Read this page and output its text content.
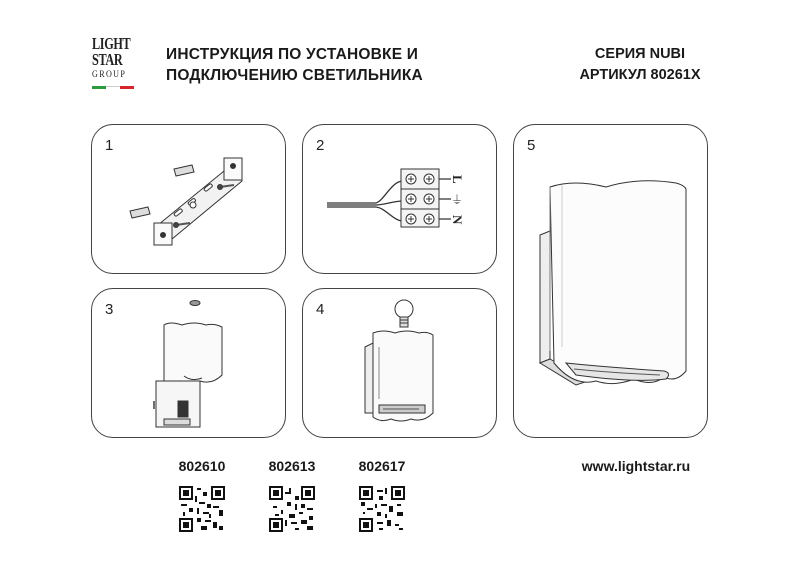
LIGHT
STAR
GROUP
ИНСТРУКЦИЯ ПО УСТАНОВКЕ И
ПОДКЛЮЧЕНИЮ СВЕТИЛЬНИКА
СЕРИЯ NUBI
АРТИКУЛ 80261X
1	2
L
⏚
N
3	4
5
802610	802613	802617	www.lightstar.ru
